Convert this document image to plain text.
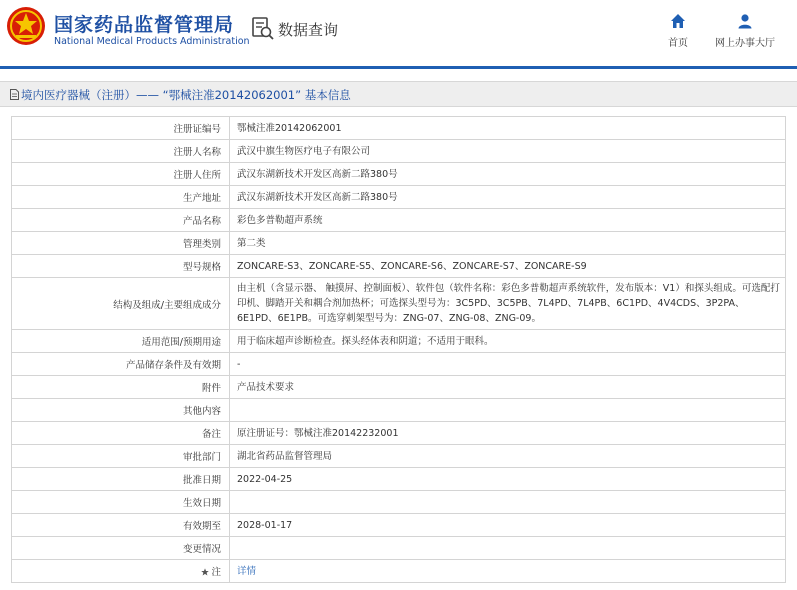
国家药品监督管理局
National Medical Products Administration
数据查询
首页	网上办事大厅
境内医疗器械（注册）—— “鄂械注准20142062001” 基本信息
注册证编号	鄂械注准20142062001
注册人名称	武汉中旗生物医疗电子有限公司
注册人住所	武汉东湖新技术开发区高新二路380号
生产地址	武汉东湖新技术开发区高新二路380号
产品名称	彩色多普勒超声系统
管理类别	第二类
型号规格	ZONCARE-S3、ZONCARE-S5、ZONCARE-S6、ZONCARE-S7、ZONCARE-S9
结构及组成/主要组成成分	由主机（含显示器、 触摸屏、控制面板）、软件包（软件名称：彩色多普勒超声系统软件，发布版本：V1）和探头组成。可选配打印机、脚踏开关和耦合剂加热杯；可选探头型号为：3C5PD、3C5PB、7L4PD、7L4PB、6C1PD、4V4CDS、3P2PA、6E1PD、6E1PB。可选穿刺架型号为：ZNG-07、ZNG-08、ZNG-09。
适用范围/预期用途	用于临床超声诊断检查。探头经体表和阴道；不适用于眼科。
产品储存条件及有效期	-
附件	产品技术要求
其他内容	
备注	原注册证号：鄂械注准20142232001
审批部门	湖北省药品监督管理局
批准日期	2022-04-25
生效日期	
有效期至	2028-01-17
变更情况	
注	详情
